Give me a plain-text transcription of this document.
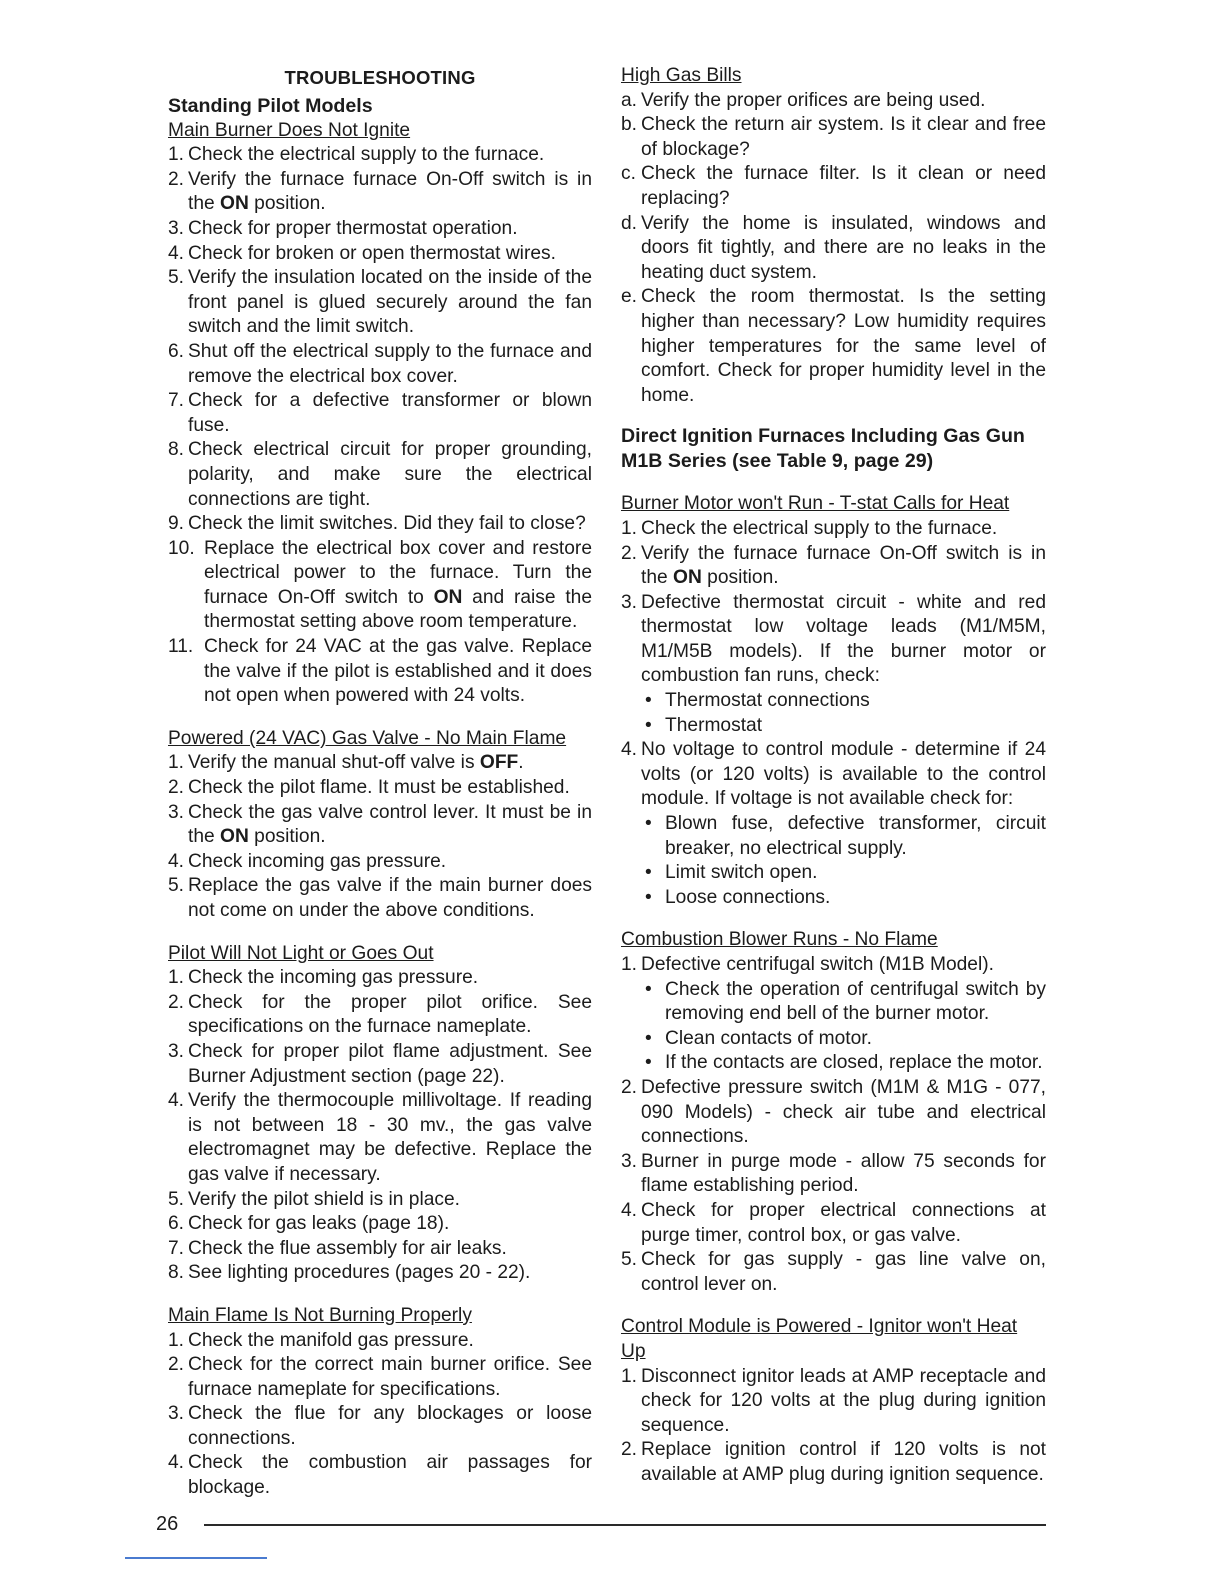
TROUBLESHOOTING
Standing Pilot Models
Main Burner Does Not Ignite
1. Check the electrical supply to the furnace.
2. Verify the furnace furnace On-Off switch is in the ON position.
3. Check for proper thermostat operation.
4. Check for broken or open thermostat wires.
5. Verify the insulation located on the inside of the front panel is glued securely around the fan switch and the limit switch.
6. Shut off the electrical supply to the furnace and remove the electrical box cover.
7. Check for a defective transformer or blown fuse.
8. Check electrical circuit for proper grounding, polarity, and make sure the electrical connections are tight.
9. Check the limit switches. Did they fail to close?
10. Replace the electrical box cover and restore electrical power to the furnace. Turn the furnace On-Off switch to ON and raise the thermostat setting above room temperature.
11. Check for 24 VAC at the gas valve. Replace the valve if the pilot is established and it does not open when powered with 24 volts.
Powered (24 VAC) Gas Valve - No Main Flame
1. Verify the manual shut-off valve is OFF.
2. Check the pilot flame. It must be established.
3. Check the gas valve control lever. It must be in the ON position.
4. Check incoming gas pressure.
5. Replace the gas valve if the main burner does not come on under the above conditions.
Pilot Will Not Light or Goes Out
1. Check the incoming gas pressure.
2. Check for the proper pilot orifice. See specifications on the furnace nameplate.
3. Check for proper pilot flame adjustment. See Burner Adjustment section (page 22).
4. Verify the thermocouple millivoltage. If reading is not between 18 - 30 mv., the gas valve electromagnet may be defective. Replace the gas valve if necessary.
5. Verify the pilot shield is in place.
6. Check for gas leaks (page 18).
7. Check the flue assembly for air leaks.
8. See lighting procedures (pages 20 - 22).
Main Flame Is Not Burning Properly
1. Check the manifold gas pressure.
2. Check for the correct main burner orifice. See furnace nameplate for specifications.
3. Check the flue for any blockages or loose connections.
4. Check the combustion air passages for blockage.
High Gas Bills
a. Verify the proper orifices are being used.
b. Check the return air system. Is it clear and free of blockage?
c. Check the furnace filter. Is it clean or need replacing?
d. Verify the home is insulated, windows and doors fit tightly, and there are no leaks in the heating duct system.
e. Check the room thermostat. Is the setting higher than necessary? Low humidity requires higher temperatures for the same level of comfort. Check for proper humidity level in the home.
Direct Ignition Furnaces Including Gas Gun
M1B Series (see Table 9, page 29)
Burner Motor won't Run - T-stat Calls for Heat
1. Check the electrical supply to the furnace.
2. Verify the furnace furnace On-Off switch is in the ON position.
3. Defective thermostat circuit - white and red thermostat low voltage leads (M1/M5M, M1/M5B models). If the burner motor or combustion fan runs, check:
• Thermostat connections
• Thermostat
4. No voltage to control module - determine if 24 volts (or 120 volts) is available to the control module. If voltage is not available check for:
• Blown fuse, defective transformer, circuit breaker, no electrical supply.
• Limit switch open.
• Loose connections.
Combustion Blower Runs - No Flame
1. Defective centrifugal switch (M1B Model).
• Check the operation of centrifugal switch by removing end bell of the burner motor.
• Clean contacts of motor.
• If the contacts are closed, replace the motor.
2. Defective pressure switch (M1M & M1G - 077, 090 Models) - check air tube and electrical connections.
3. Burner in purge mode - allow 75 seconds for flame establishing period.
4. Check for proper electrical connections at purge timer, control box, or gas valve.
5. Check for gas supply - gas line valve on, control lever on.
Control Module is Powered - Ignitor won't Heat Up
1. Disconnect ignitor leads at AMP receptacle and check for 120 volts at the plug during ignition sequence.
2. Replace ignition control if 120 volts is not available at AMP plug during ignition sequence.
26
